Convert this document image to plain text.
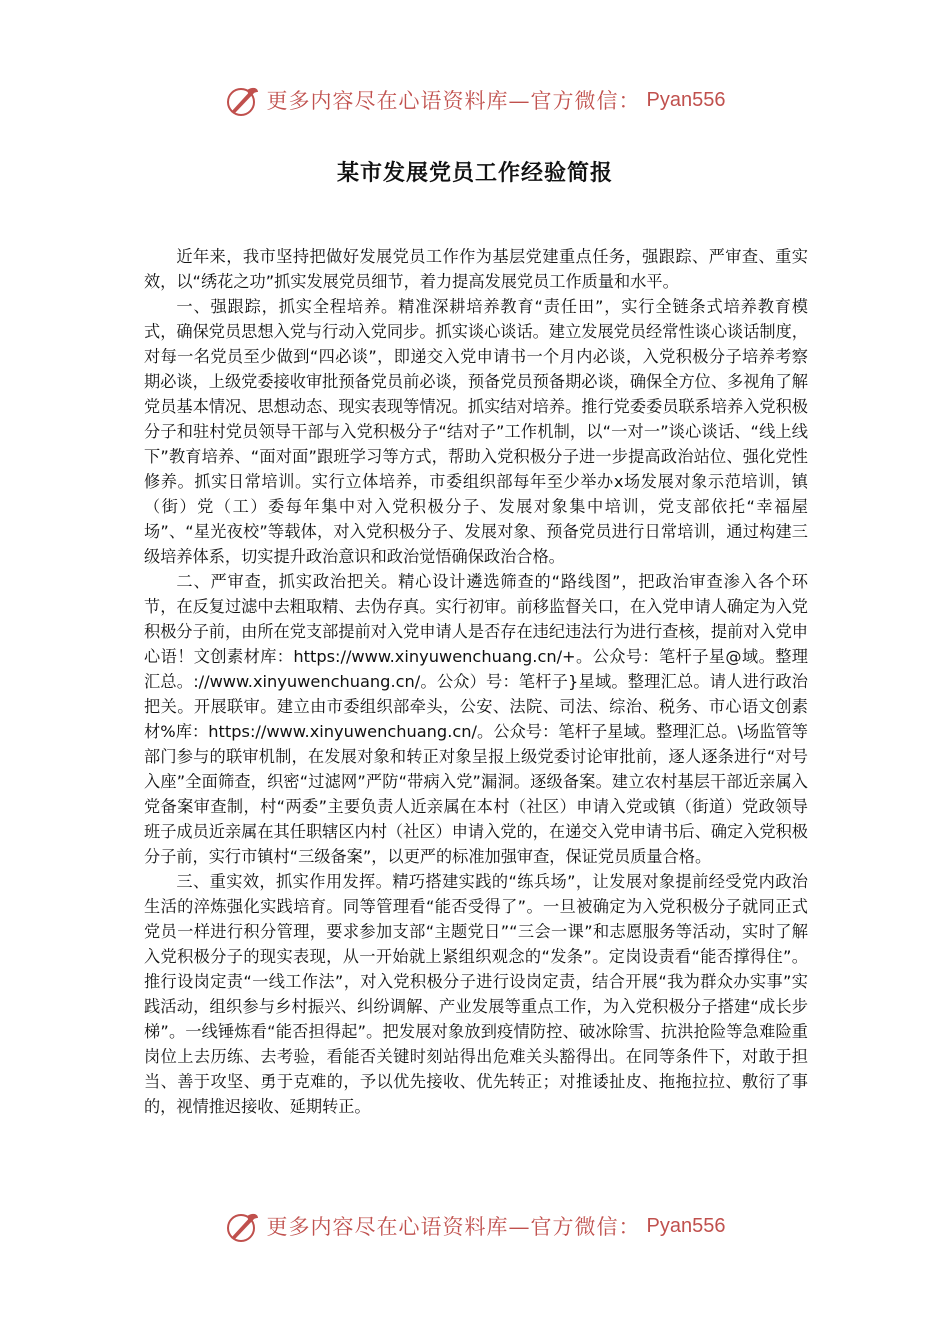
更多内容尽在心语资料库—官方微信： Pyan556
某市发展党员工作经验简报

近年来，我市坚持把做好发展党员工作作为基层党建重点任务，强跟踪、严审查、重实效，以“绣花之功”抓实发展党员细节，着力提高发展党员工作质量和水平。

一、强跟踪，抓实全程培养。精准深耕培养教育“责任田”，实行全链条式培养教育模式，确保党员思想入党与行动入党同步。抓实谈心谈话。建立发展党员经常性谈心谈话制度，对每一名党员至少做到“四必谈”，即递交入党申请书一个月内必谈，入党积极分子培养考察期必谈，上级党委接收审批预备党员前必谈，预备党员预备期必谈，确保全方位、多视角了解党员基本情况、思想动态、现实表现等情况。抓实结对培养。推行党委委员联系培养入党积极分子和驻村党员领导干部与入党积极分子“结对子”工作机制，以“一对一”谈心谈话、“线上线下”教育培养、“面对面”跟班学习等方式，帮助入党积极分子进一步提高政治站位、强化党性修养。抓实日常培训。实行立体培养，市委组织部每年至少举办x场发展对象示范培训，镇（街）党（工）委每年集中对入党积极分子、发展对象集中培训，党支部依托“幸福屋场”、“星光夜校”等载体，对入党积极分子、发展对象、预备党员进行日常培训，通过构建三级培养体系，切实提升政治意识和政治觉悟确保政治合格。

二、严审查，抓实政治把关。精心设计遴选筛查的“路线图”，把政治审查渗入各个环节，在反复过滤中去粗取精、去伪存真。实行初审。前移监督关口，在入党申请人确定为入党积极分子前，由所在党支部提前对入党申请人是否存在违纪违法行为进行查核，提前对入党申心语！文创素材库：https://www.xinyuwenchuang.cn/+。公众号：笔杆子星@域。整理汇总。://www.xinyuwenchuang.cn/。公众）号：笔杆子}星域。整理汇总。请人进行政治把关。开展联审。建立由市委组织部牵头，公安、法院、司法、综治、税务、市心语文创素材%库：https://www.xinyuwenchuang.cn/。公众号：笔杆子星域。整理汇总。\场监管等部门参与的联审机制，在发展对象和转正对象呈报上级党委讨论审批前，逐人逐条进行“对号入座”全面筛查，织密“过滤网”严防“带病入党”漏洞。逐级备案。建立农村基层干部近亲属入党备案审查制，村“两委”主要负责人近亲属在本村（社区）申请入党或镇（街道）党政领导班子成员近亲属在其任职辖区内村（社区）申请入党的，在递交入党申请书后、确定入党积极分子前，实行市镇村“三级备案”，以更严的标准加强审查，保证党员质量合格。

三、重实效，抓实作用发挥。精巧搭建实践的“练兵场”，让发展对象提前经受党内政治生活的淬炼强化实践培育。同等管理看“能否受得了”。一旦被确定为入党积极分子就同正式党员一样进行积分管理，要求参加支部“主题党日”“三会一课”和志愿服务等活动，实时了解入党积极分子的现实表现，从一开始就上紧组织观念的“发条”。定岗设责看“能否撑得住”。推行设岗定责“一线工作法”，对入党积极分子进行设岗定责，结合开展“我为群众办实事”实践活动，组织参与乡村振兴、纠纷调解、产业发展等重点工作，为入党积极分子搭建“成长步梯”。一线锤炼看“能否担得起”。把发展对象放到疫情防控、破冰除雪、抗洪抢险等急难险重岗位上去历练、去考验，看能否关键时刻站得出危难关头豁得出。在同等条件下，对敢于担当、善于攻坚、勇于克难的，予以优先接收、优先转正；对推诿扯皮、拖拖拉拉、敷衍了事的，视情推迟接收、延期转正。

更多内容尽在心语资料库—官方微信： Pyan556
